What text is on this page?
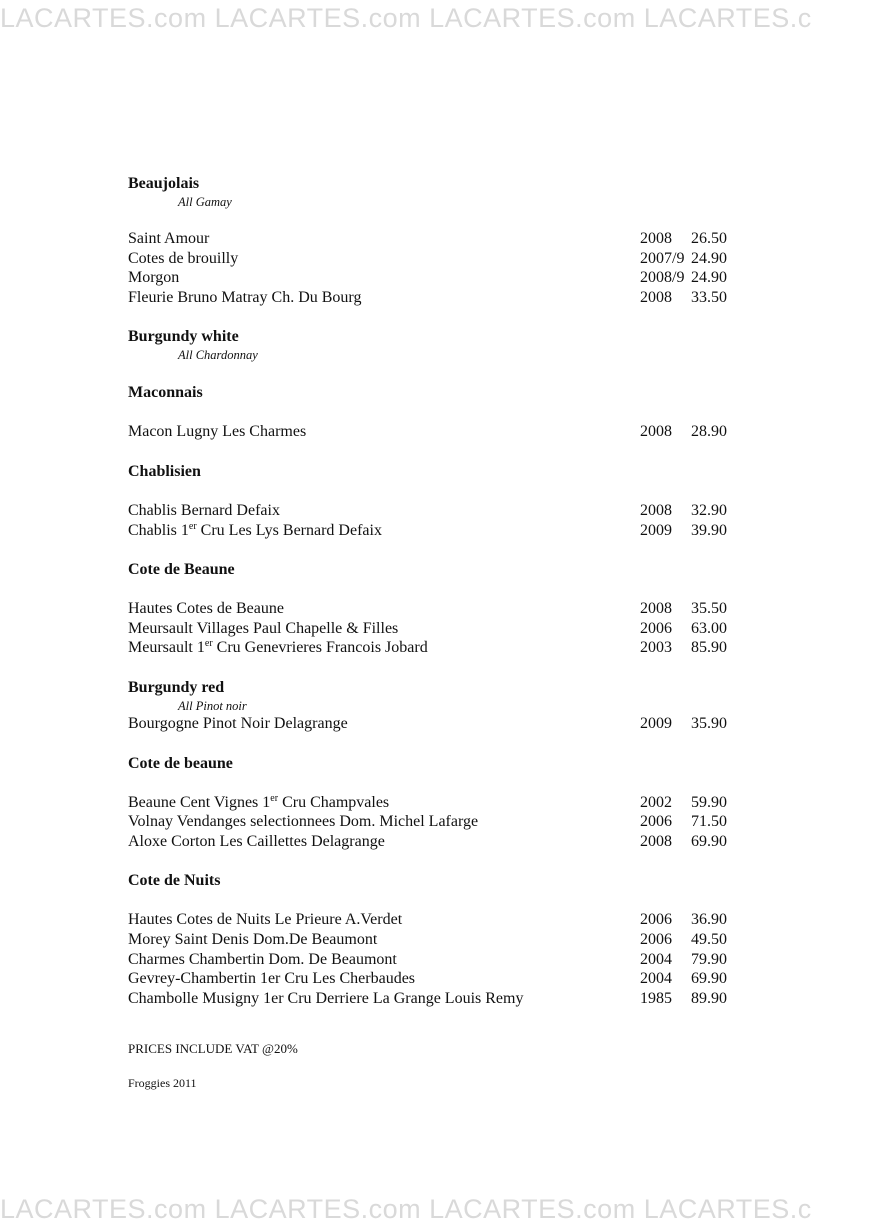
LACARTES.com LACARTES.com LACARTES.com LACARTES.c
Beaujolais
All Gamay
Saint Amour	2008 26.50
Cotes de brouilly	2007/9 24.90
Morgon	2008/9 24.90
Fleurie Bruno Matray Ch. Du Bourg	2008 33.50
Burgundy white
All Chardonnay
Maconnais
Macon Lugny Les Charmes	2008 28.90
Chablisien
Chablis Bernard Defaix	2008 32.90
Chablis 1er Cru Les Lys Bernard Defaix	2009 39.90
Cote de Beaune
Hautes Cotes de Beaune	2008 35.50
Meursault Villages Paul Chapelle & Filles	2006 63.00
Meursault 1er Cru Genevrieres Francois Jobard	2003 85.90
Burgundy red
All Pinot noir
Bourgogne Pinot Noir Delagrange	2009 35.90
Cote de beaune
Beaune Cent Vignes 1er Cru Champvales	2002 59.90
Volnay Vendanges selectionnees Dom. Michel Lafarge	2006 71.50
Aloxe Corton Les Caillettes Delagrange	2008 69.90
Cote de Nuits
Hautes Cotes de Nuits Le Prieure A.Verdet	2006 36.90
Morey Saint Denis Dom.De Beaumont	2006 49.50
Charmes Chambertin Dom. De Beaumont	2004 79.90
Gevrey-Chambertin 1er Cru Les Cherbaudes	2004 69.90
Chambolle Musigny 1er Cru Derriere La Grange Louis Remy	1985 89.90
PRICES INCLUDE VAT @20%
Froggies 2011
LACARTES.com LACARTES.com LACARTES.com LACARTES.c
